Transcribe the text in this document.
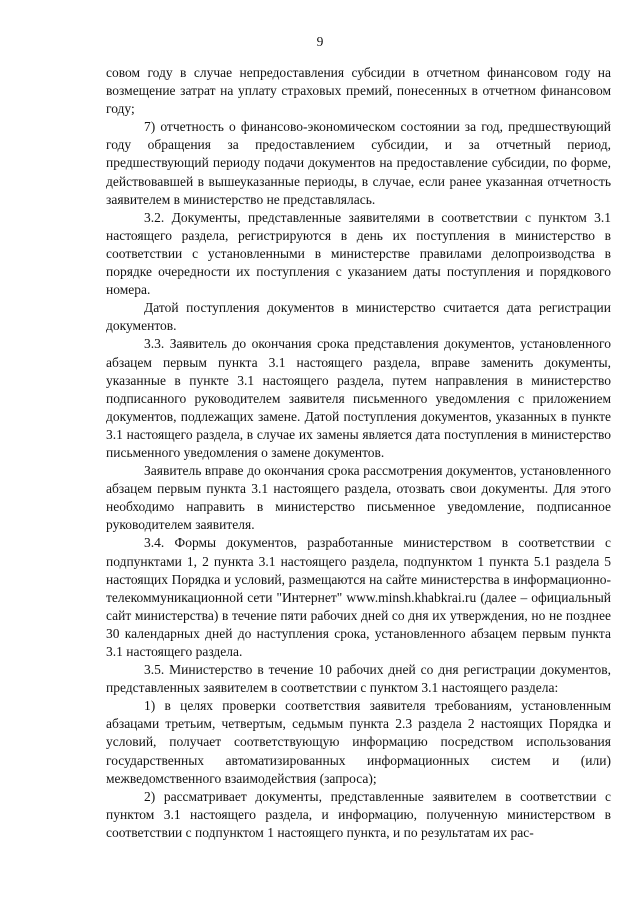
9

совом году в случае непредоставления субсидии в отчетном финансовом году на возмещение затрат на уплату страховых премий, понесенных в отчетном финансовом году;

7) отчетность о финансово-экономическом состоянии за год, предшествующий году обращения за предоставлением субсидии, и за отчетный период, предшествующий периоду подачи документов на предоставление субсидии, по форме, действовавшей в вышеуказанные периоды, в случае, если ранее указанная отчетность заявителем в министерство не представлялась.

3.2. Документы, представленные заявителями в соответствии с пунктом 3.1 настоящего раздела, регистрируются в день их поступления в министерство в соответствии с установленными в министерстве правилами делопроизводства в порядке очередности их поступления с указанием даты поступления и порядкового номера.

Датой поступления документов в министерство считается дата регистрации документов.

3.3. Заявитель до окончания срока представления документов, установленного абзацем первым пункта 3.1 настоящего раздела, вправе заменить документы, указанные в пункте 3.1 настоящего раздела, путем направления в министерство подписанного руководителем заявителя письменного уведомления с приложением документов, подлежащих замене. Датой поступления документов, указанных в пункте 3.1 настоящего раздела, в случае их замены является дата поступления в министерство письменного уведомления о замене документов.

Заявитель вправе до окончания срока рассмотрения документов, установленного абзацем первым пункта 3.1 настоящего раздела, отозвать свои документы. Для этого необходимо направить в министерство письменное уведомление, подписанное руководителем заявителя.

3.4. Формы документов, разработанные министерством в соответствии с подпунктами 1, 2 пункта 3.1 настоящего раздела, подпунктом 1 пункта 5.1 раздела 5 настоящих Порядка и условий, размещаются на сайте министерства в информационно-телекоммуникационной сети "Интернет" www.minsh.khabkrai.ru (далее – официальный сайт министерства) в течение пяти рабочих дней со дня их утверждения, но не позднее 30 календарных дней до наступления срока, установленного абзацем первым пункта 3.1 настоящего раздела.

3.5. Министерство в течение 10 рабочих дней со дня регистрации документов, представленных заявителем в соответствии с пунктом 3.1 настоящего раздела:

1) в целях проверки соответствия заявителя требованиям, установленным абзацами третьим, четвертым, седьмым пункта 2.3 раздела 2 настоящих Порядка и условий, получает соответствующую информацию посредством использования государственных автоматизированных информационных систем и (или) межведомственного взаимодействия (запроса);

2) рассматривает документы, представленные заявителем в соответствии с пунктом 3.1 настоящего раздела, и информацию, полученную министерством в соответствии с подпунктом 1 настоящего пункта, и по результатам их рас-
